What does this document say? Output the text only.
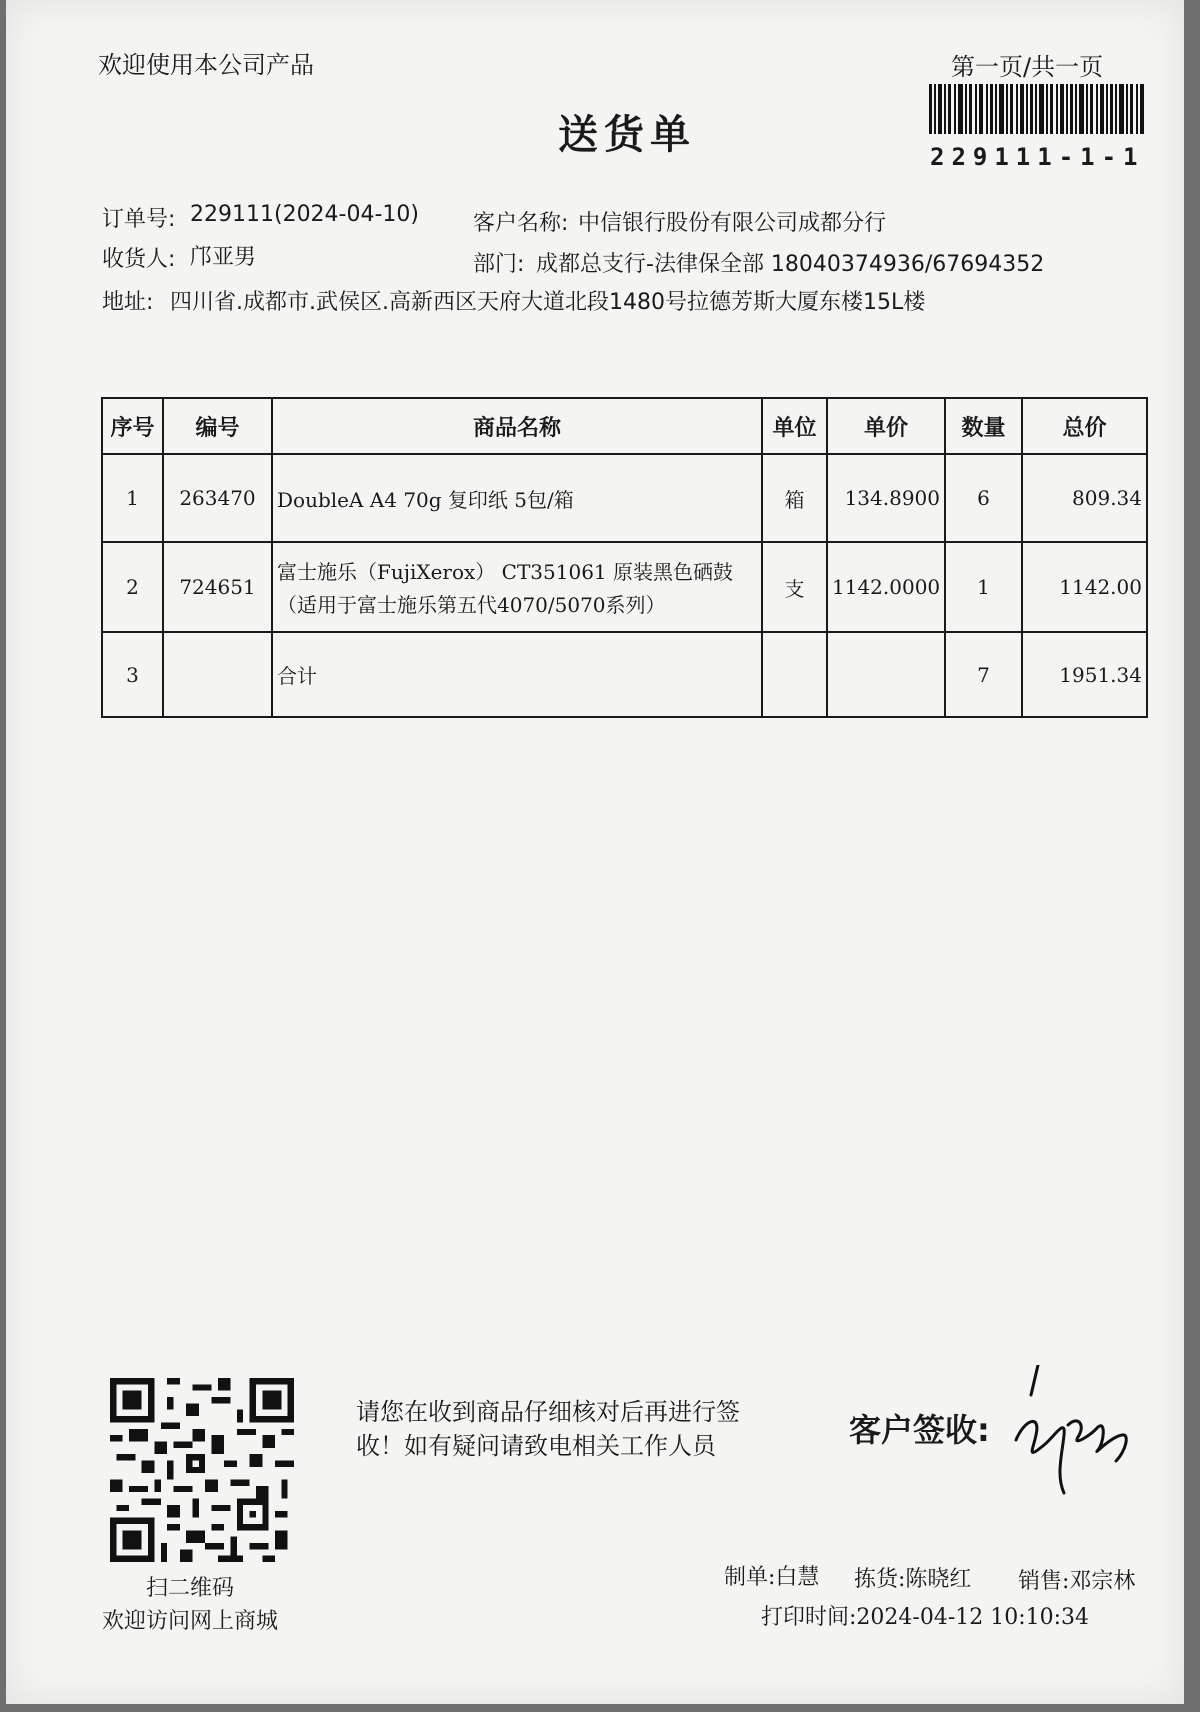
欢迎使用本公司产品	第一页/共一页
送货单	229111-1-1
订单号: 229111(2024-04-10) 客户名称: 中信银行股份有限公司成都分行
收货人: 邝亚男	部门: 成都总支行-法律保全部 18040374936/67694352
地址: 四川省.成都市.武侯区.高新西区天府大道北段1480号拉德芳斯大厦东楼15L楼
序号	编号	商品名称	单位	单价	数量	总价
1	263470	DoubleA A4 70g 复印纸 5包/箱	箱	134.8900	6	809.34
2	724651	富士施乐（FujiXerox） CT351061 原装黑色硒鼓
（适用于富士施乐第五代4070/5070系列）	支	1142.0000	1	1142.00
3		合计			7	1951.34
扫二维码
欢迎访问网上商城
请您在收到商品仔细核对后再进行签收！如有疑问请致电相关工作人员	客户签收:
制单:白慧 拣货:陈晓红 销售:邓宗林
打印时间:2024-04-12 10:10:34
